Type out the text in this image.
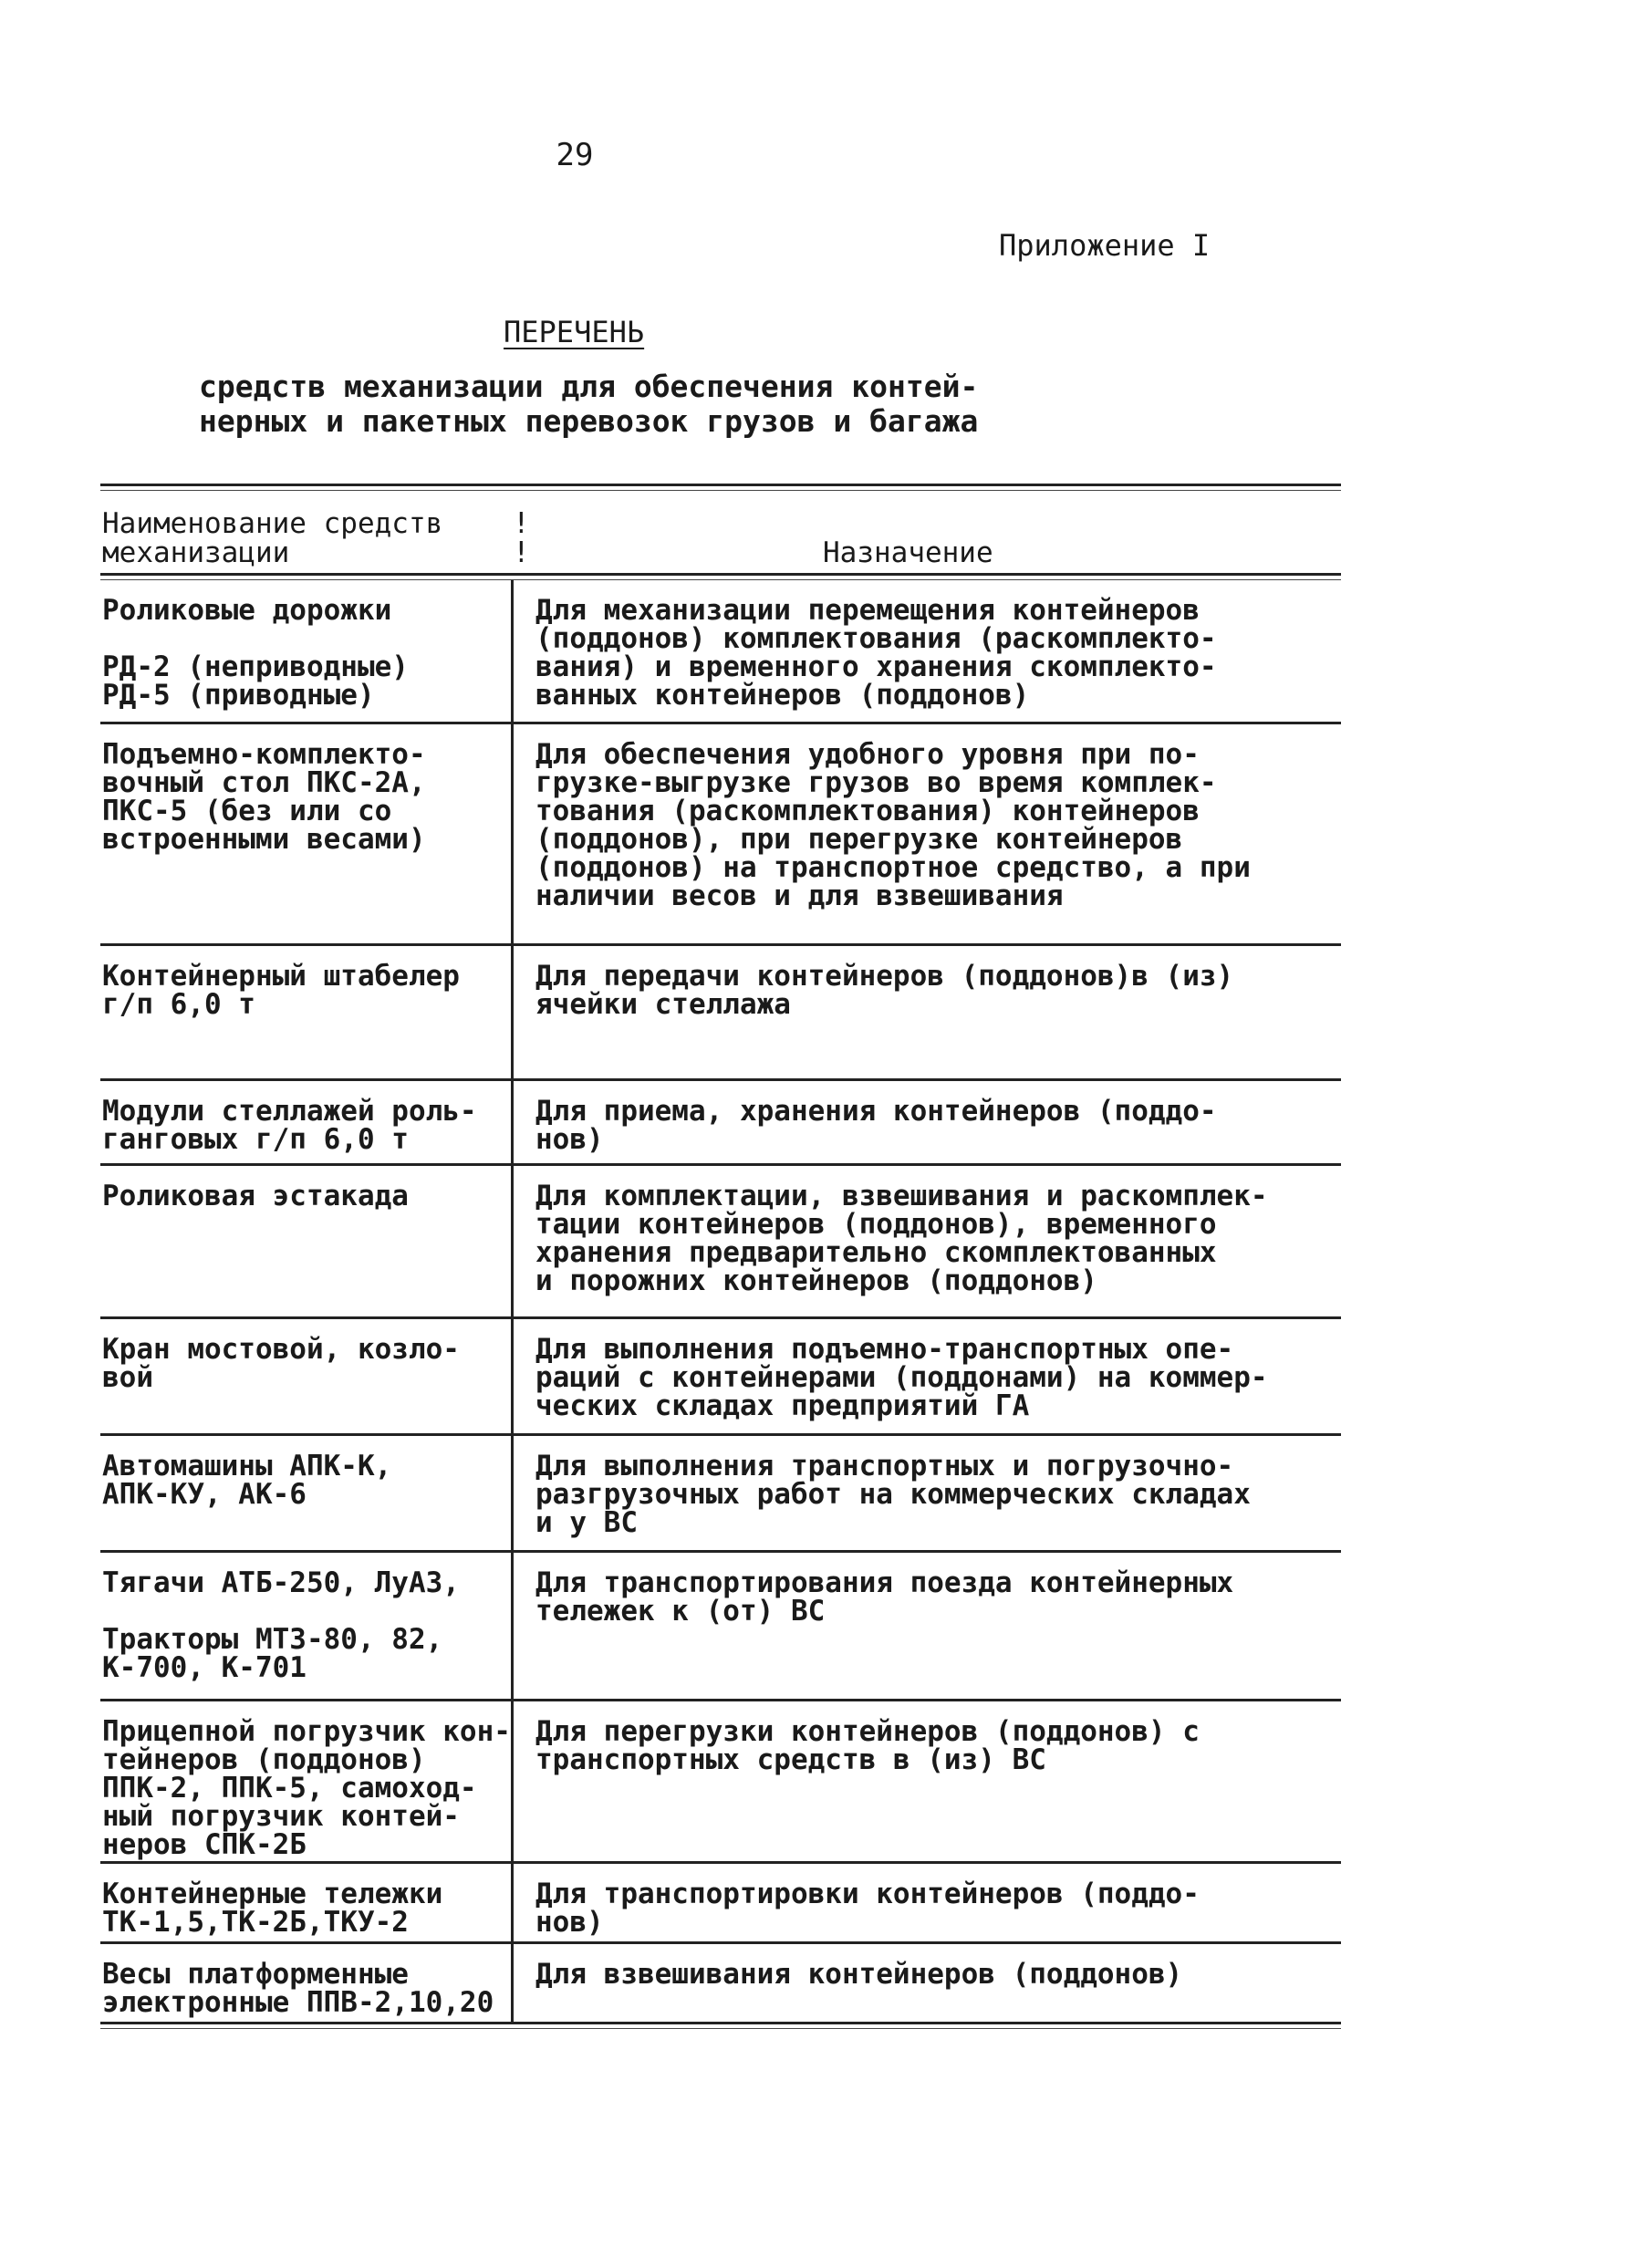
29
Приложение I
ПЕРЕЧЕНЬ
средств механизации для обеспечения контей-
нерных и пакетных перевозок грузов и багажа
Наименование средств
механизации
!
!	Назначение
Роликовые дорожки

РД-2 (неприводные)
РД-5 (приводные)
Для механизации перемещения контейнеров
(поддонов) комплектования (раскомплекто-
вания) и временного хранения скомплекто-
ванных контейнеров (поддонов)
Подъемно-комплекто-
вочный стол ПКС-2А,
ПКС-5 (без или со
встроенными весами)
Для обеспечения удобного уровня при по-
грузке-выгрузке грузов во время комплек-
тования (раскомплектования) контейнеров
(поддонов), при перегрузке контейнеров
(поддонов) на транспортное средство, а при
наличии весов и для взвешивания
Контейнерный штабелер
г/п 6,0 т
Для передачи контейнеров (поддонов)в (из)
ячейки стеллажа
Модули стеллажей роль-
ганговых г/п 6,0 т
Для приема, хранения контейнеров (поддо-
нов)
Роликовая эстакада	Для комплектации, взвешивания и раскомплек-
тации контейнеров (поддонов), временного
хранения предварительно скомплектованных
и порожних контейнеров (поддонов)
Кран мостовой, козло-
вой
Для выполнения подъемно-транспортных опе-
раций с контейнерами (поддонами) на коммер-
ческих складах предприятий ГА
Автомашины АПК-К,
АПК-КУ, АК-6
Для выполнения транспортных и погрузочно-
разгрузочных работ на коммерческих складах
и у ВС
Тягачи АТБ-250, ЛуАЗ,

Тракторы МТЗ-80, 82,
К-700, К-701
Для транспортирования поезда контейнерных
тележек к (от) ВС
Прицепной погрузчик кон-
тейнеров (поддонов)
ППК-2, ППК-5, самоход-
ный погрузчик контей-
неров СПК-2Б
Для перегрузки контейнеров (поддонов) с
транспортных средств в (из) ВС
Контейнерные тележки
ТК-1,5,ТК-2Б,ТКУ-2
Для транспортировки контейнеров (поддо-
нов)
Весы платформенные
электронные ППВ-2,10,20
Для взвешивания контейнеров (поддонов)
